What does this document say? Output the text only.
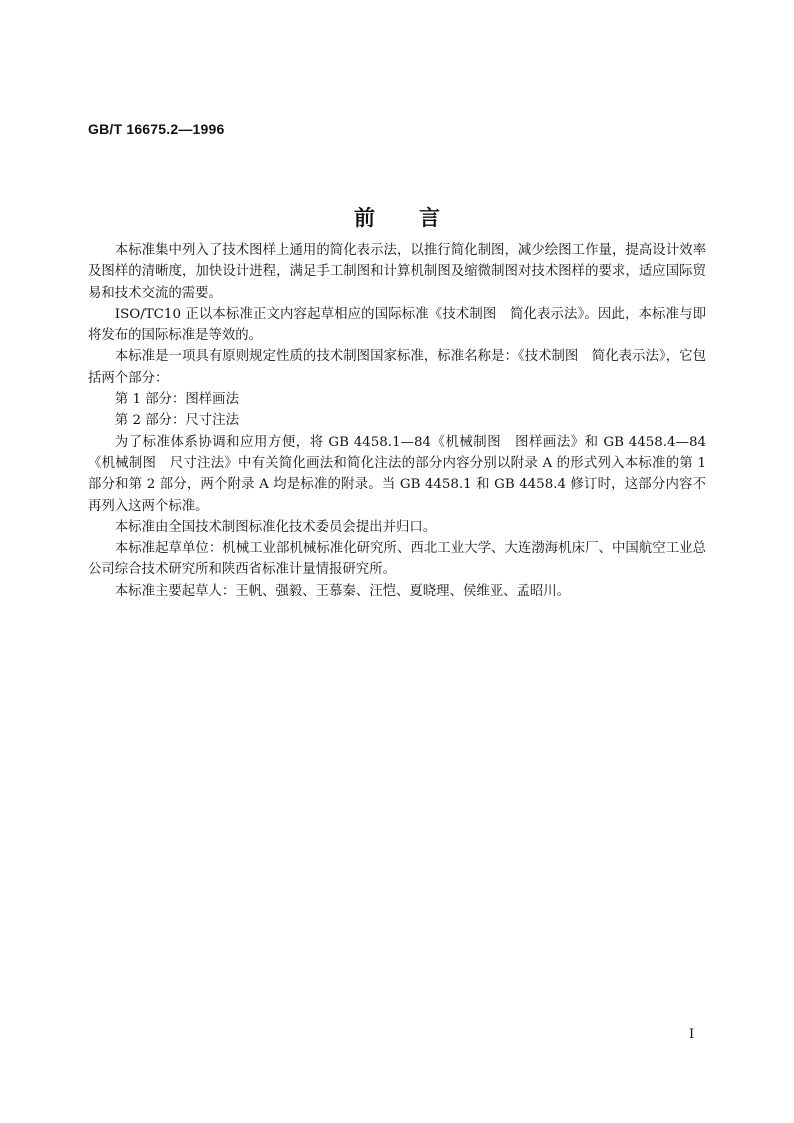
GB/T 16675.2—1996
前言

本标准集中列入了技术图样上通用的简化表示法，以推行简化制图，减少绘图工作量，提高设计效率及图样的清晰度，加快设计进程，满足手工制图和计算机制图及缩微制图对技术图样的要求，适应国际贸易和技术交流的需要。

ISO/TC10 正以本标准正文内容起草相应的国际标准《技术制图　简化表示法》。因此，本标准与即将发布的国际标准是等效的。

本标准是一项具有原则规定性质的技术制图国家标准，标准名称是：《技术制图　简化表示法》，它包括两个部分：

第 1 部分：图样画法

第 2 部分：尺寸注法

为了标准体系协调和应用方便，将 GB 4458.1—84《机械制图　图样画法》和 GB 4458.4—84《机械制图　尺寸注法》中有关简化画法和简化注法的部分内容分别以附录 A 的形式列入本标准的第 1 部分和第 2 部分，两个附录 A 均是标准的附录。当 GB 4458.1 和 GB 4458.4 修订时，这部分内容不再列入这两个标准。

本标准由全国技术制图标准化技术委员会提出并归口。

本标准起草单位：机械工业部机械标准化研究所、西北工业大学、大连渤海机床厂、中国航空工业总公司综合技术研究所和陕西省标准计量情报研究所。

本标准主要起草人：王帆、强毅、王慕秦、汪恺、夏晓理、侯维亚、孟昭川。

I
